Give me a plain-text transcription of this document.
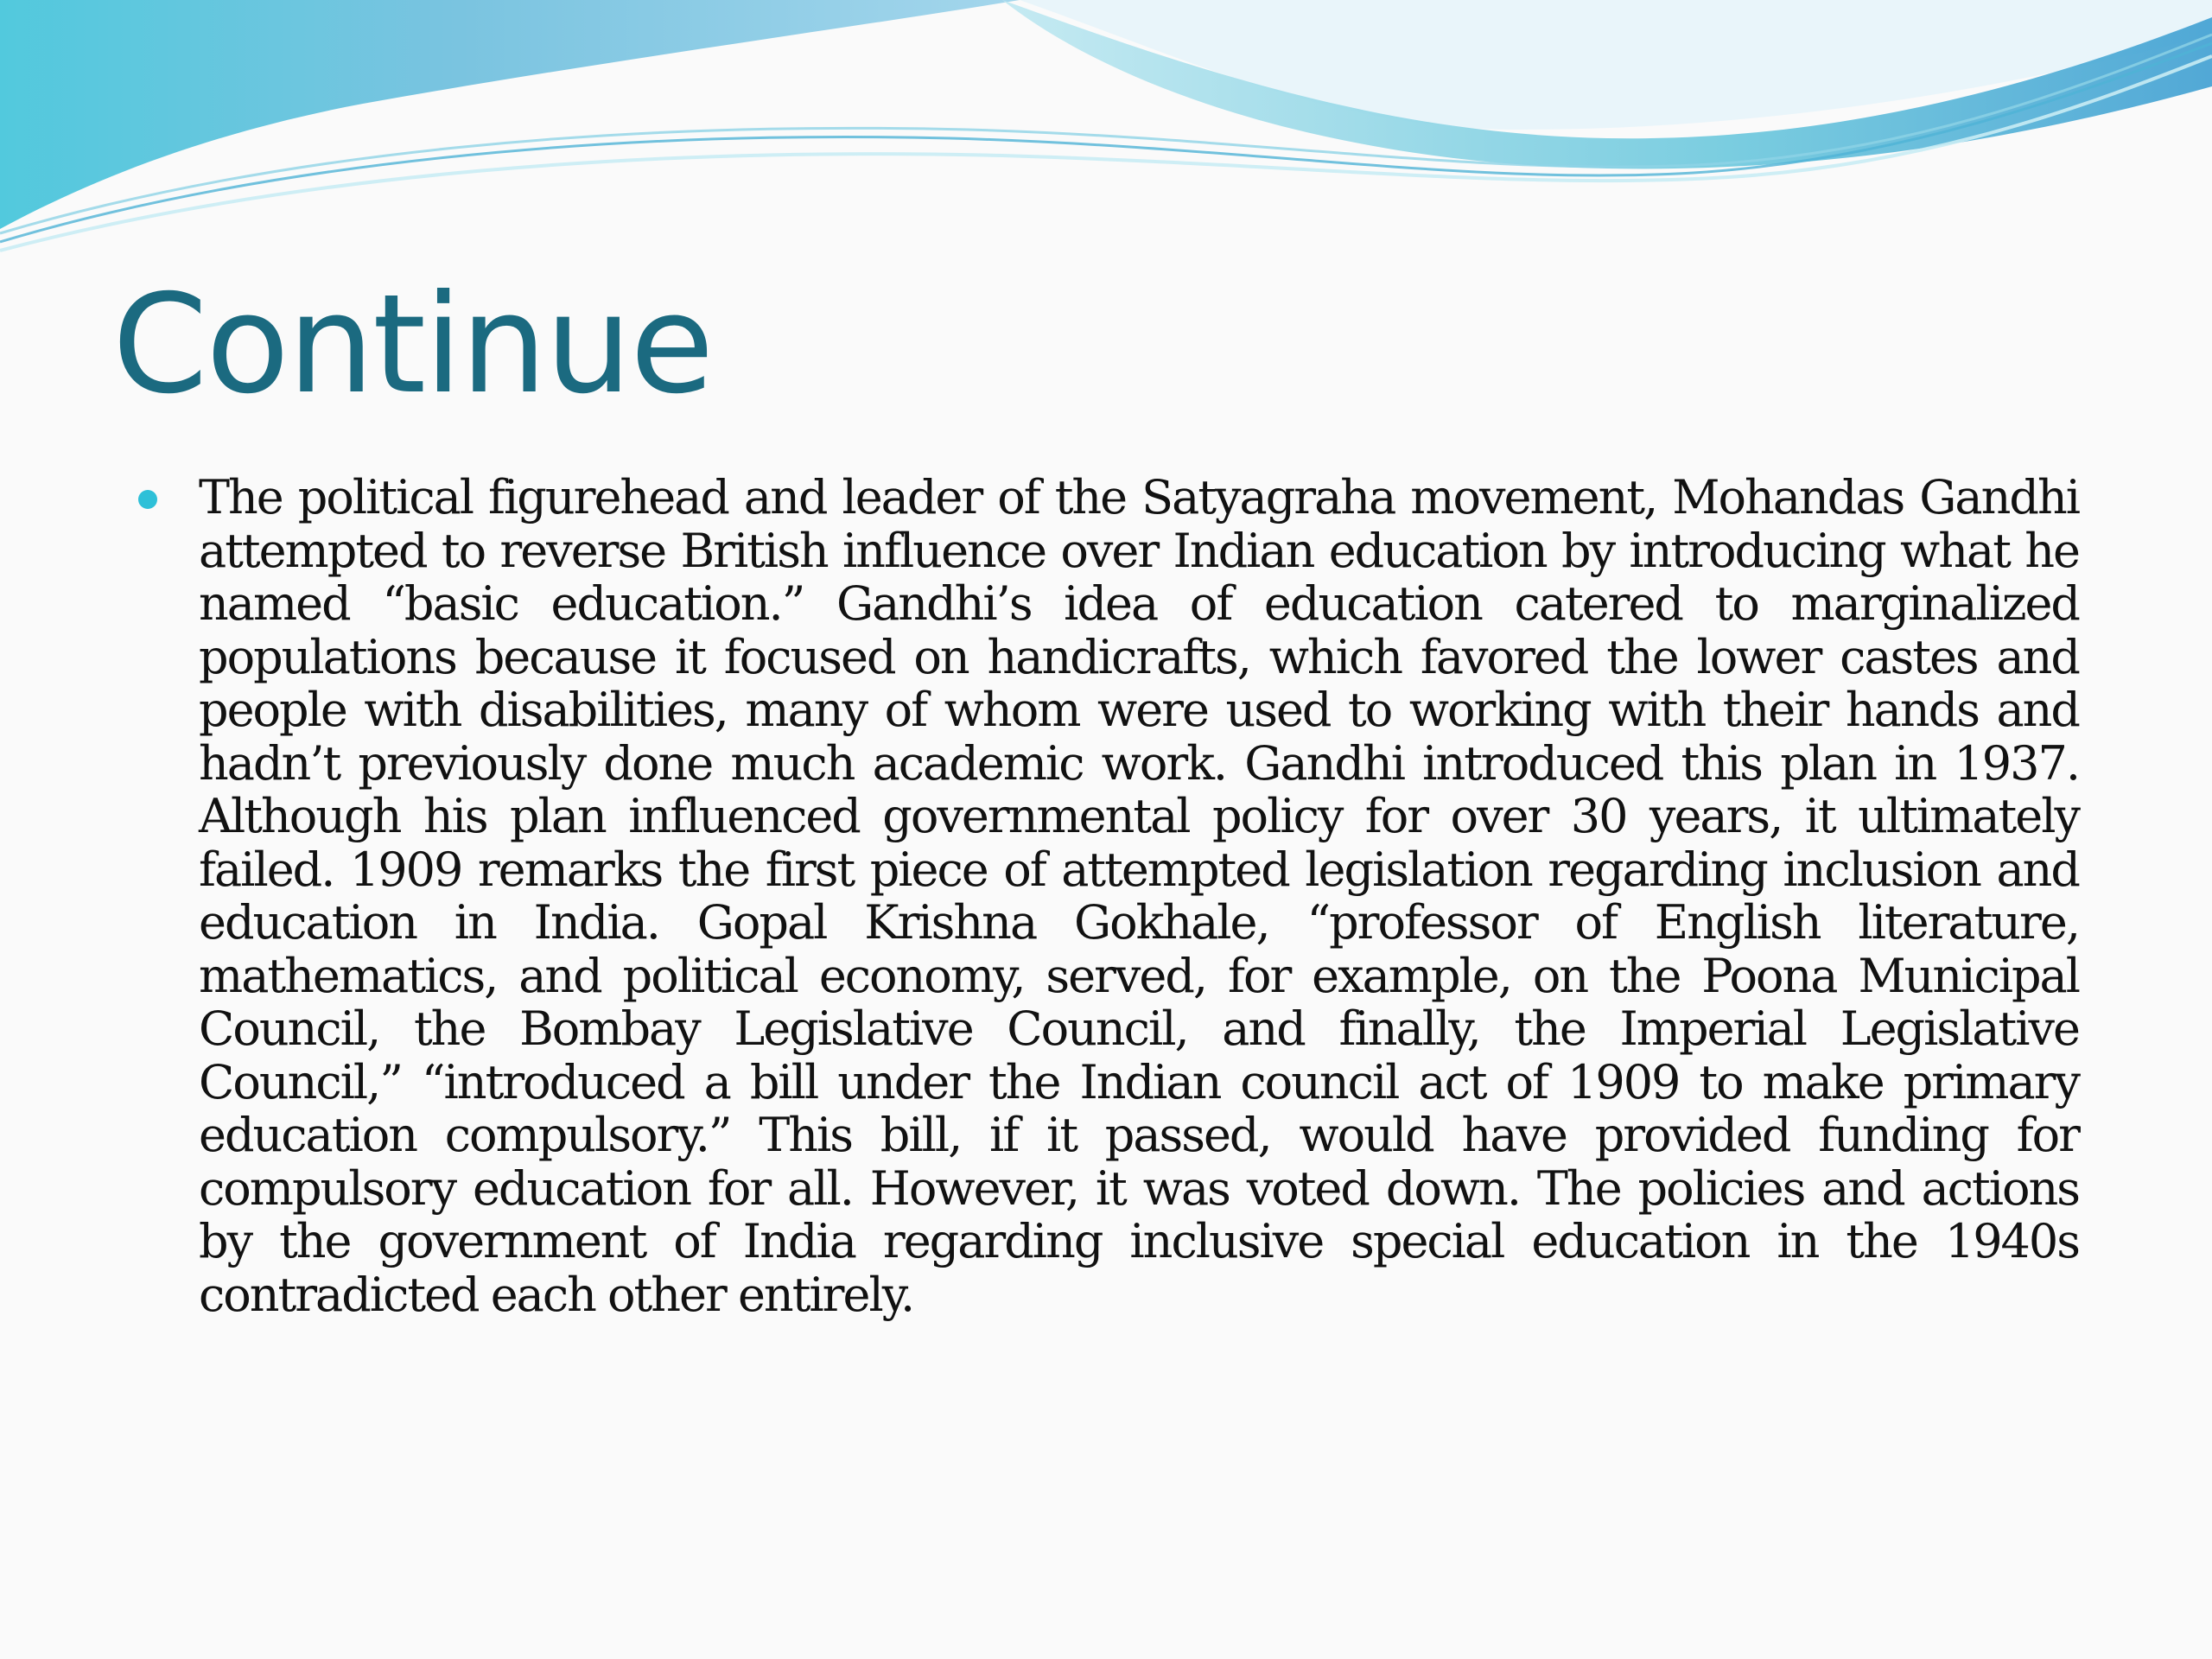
Continue

The political figurehead and leader of the Satyagraha movement, Mohandas Gandhi attempted to reverse British influence over Indian education by introducing what he named “basic education.” Gandhi’s idea of education catered to marginalized populations because it focused on handicrafts, which favored the lower castes and people with disabilities, many of whom were used to working with their hands and hadn’t previously done much academic work. Gandhi introduced this plan in 1937. Although his plan influenced governmental policy for over 30 years, it ultimately failed. 1909 remarks the first piece of attempted legislation regarding inclusion and education in India. Gopal Krishna Gokhale, “professor of English literature, mathematics, and political economy, served, for example, on the Poona Municipal Council, the Bombay Legislative Council, and finally, the Imperial Legislative Council,” “introduced a bill under the Indian council act of 1909 to make primary education compulsory.” This bill, if it passed, would have provided funding for compulsory education for all. However, it was voted down. The policies and actions by the government of India regarding inclusive special education in the 1940s contradicted each other entirely.
